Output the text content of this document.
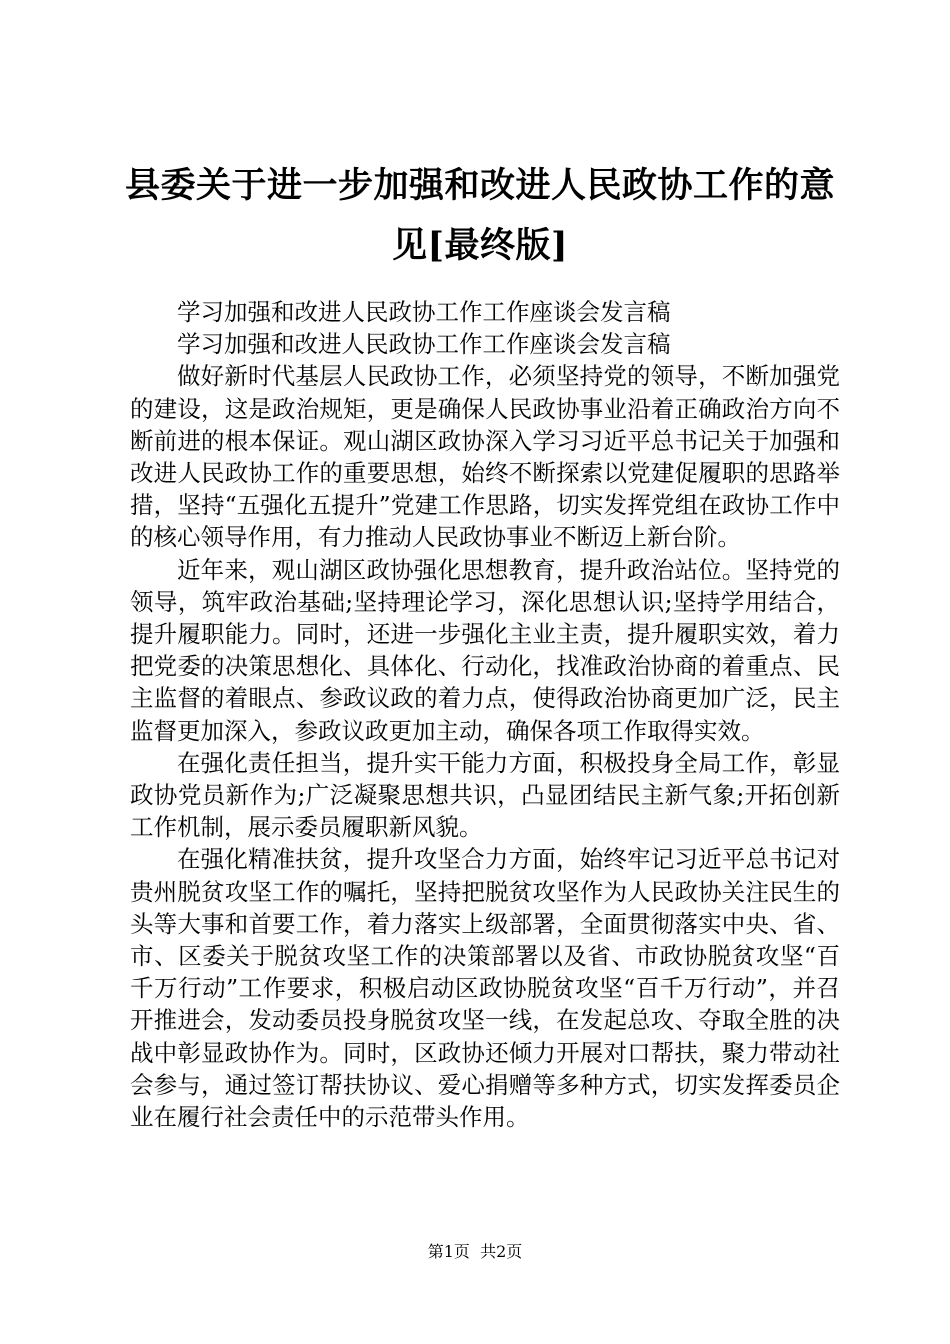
县委关于进一步加强和改进人民政协工作的意
见[最终版]

学习加强和改进人民政协工作工作座谈会发言稿

学习加强和改进人民政协工作工作座谈会发言稿

做好新时代基层人民政协工作，必须坚持党的领导，不断加强党的建设，这是政治规矩，更是确保人民政协事业沿着正确政治方向不断前进的根本保证。观山湖区政协深入学习习近平总书记关于加强和改进人民政协工作的重要思想，始终不断探索以党建促履职的思路举措，坚持“五强化五提升”党建工作思路，切实发挥党组在政协工作中的核心领导作用，有力推动人民政协事业不断迈上新台阶。

近年来，观山湖区政协强化思想教育，提升政治站位。坚持党的领导，筑牢政治基础;坚持理论学习，深化思想认识;坚持学用结合，提升履职能力。同时，还进一步强化主业主责，提升履职实效，着力把党委的决策思想化、具体化、行动化，找准政治协商的着重点、民主监督的着眼点、参政议政的着力点，使得政治协商更加广泛，民主监督更加深入，参政议政更加主动，确保各项工作取得实效。

在强化责任担当，提升实干能力方面，积极投身全局工作，彰显政协党员新作为;广泛凝聚思想共识，凸显团结民主新气象;开拓创新工作机制，展示委员履职新风貌。

在强化精准扶贫，提升攻坚合力方面，始终牢记习近平总书记对贵州脱贫攻坚工作的嘱托，坚持把脱贫攻坚作为人民政协关注民生的头等大事和首要工作，着力落实上级部署，全面贯彻落实中央、省、市、区委关于脱贫攻坚工作的决策部署以及省、市政协脱贫攻坚“百千万行动”工作要求，积极启动区政协脱贫攻坚“百千万行动”，并召开推进会，发动委员投身脱贫攻坚一线，在发起总攻、夺取全胜的决战中彰显政协作为。同时，区政协还倾力开展对口帮扶，聚力带动社会参与，通过签订帮扶协议、爱心捐赠等多种方式，切实发挥委员企业在履行社会责任中的示范带头作用。

第1页  共2页
